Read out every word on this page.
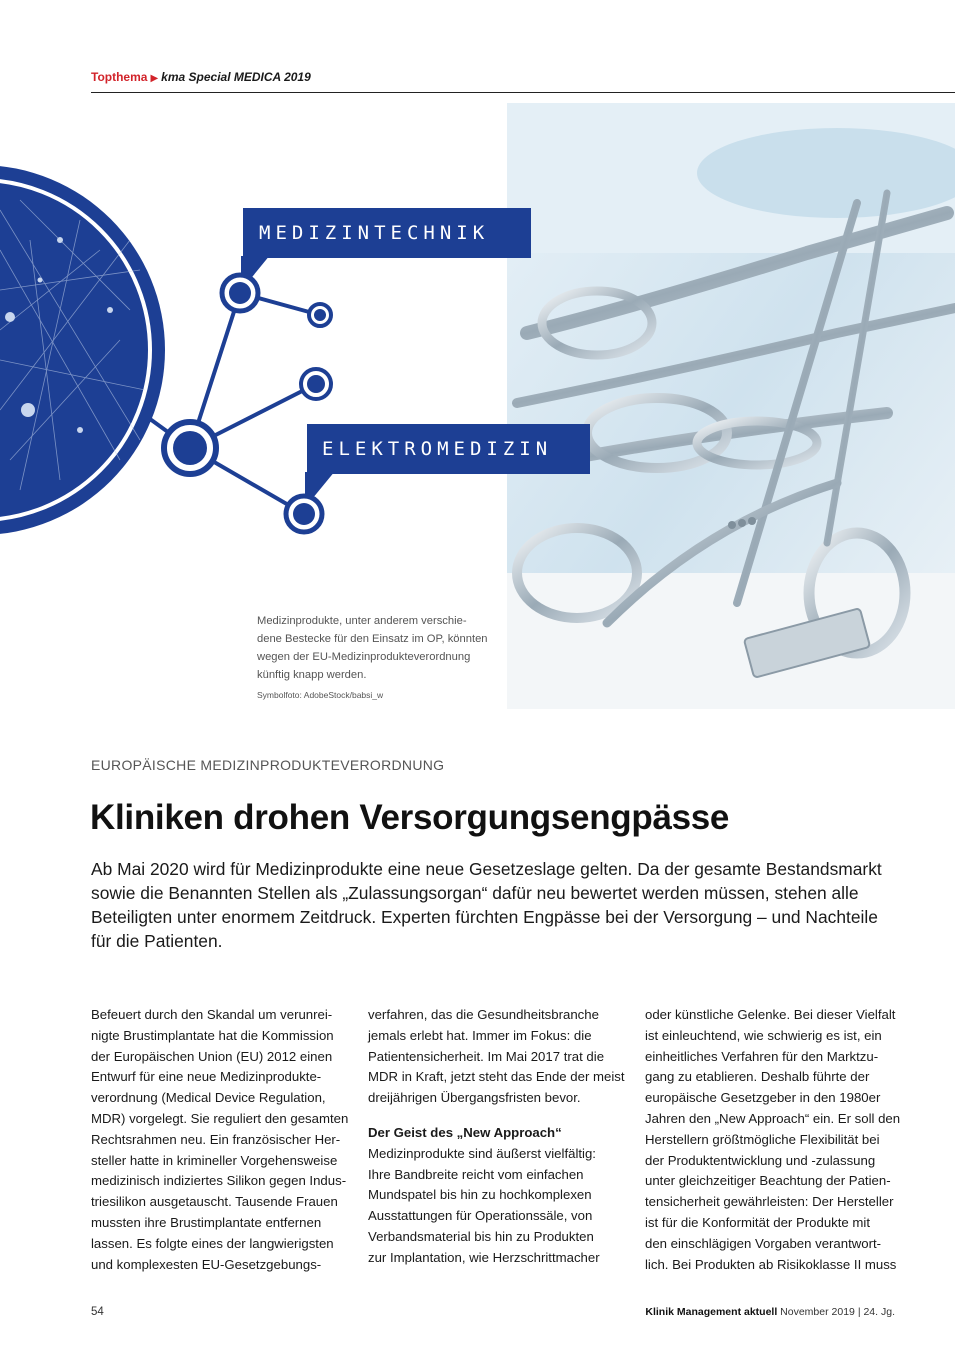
Topthema ▶ kma Special MEDICA 2019
MEDIZINTECHNIK
ELEKTROMEDIZIN
Medizinprodukte, unter anderem verschie-
dene Bestecke für den Einsatz im OP, könnten
wegen der EU-Medizinprodukteverordnung
künftig knapp werden.
Symbolfoto: AdobeStock/babsi_w
EUROPÄISCHE MEDIZINPRODUKTEVERORDNUNG
Kliniken drohen Versorgungsengpässe
Ab Mai 2020 wird für Medizinprodukte eine neue Gesetzeslage gelten. Da der gesamte Bestandsmarkt
sowie die Benannten Stellen als „Zulassungsorgan“ dafür neu bewertet werden müssen, stehen alle
Beteiligten unter enormem Zeitdruck. Experten fürchten Engpässe bei der Versorgung – und Nachteile
für die Patienten.
Befeuert durch den Skandal um verunrei-
nigte Brustimplantate hat die Kommission
der Europäischen Union (EU) 2012 einen
Entwurf für eine neue Medizinprodukte-
verordnung (Medical Device Regulation,
MDR) vorgelegt. Sie reguliert den gesamten
Rechtsrahmen neu. Ein französischer Her-
steller hatte in krimineller Vorgehensweise
medizinisch indiziertes Silikon gegen Indus-
triesilikon ausgetauscht. Tausende Frauen
mussten ihre Brustimplantate entfernen
lassen. Es folgte eines der langwierigsten
und komplexesten EU-Gesetzgebungs-
verfahren, das die Gesundheitsbranche
jemals erlebt hat. Immer im Fokus: die
Patientensicherheit. Im Mai 2017 trat die
MDR in Kraft, jetzt steht das Ende der meist
dreijährigen Übergangsfristen bevor.
Der Geist des „New Approach“
Medizinprodukte sind äußerst vielfältig:
Ihre Bandbreite reicht vom einfachen
Mundspatel bis hin zu hochkomplexen
Ausstattungen für Operationssäle, von
Verbandsmaterial bis hin zu Produkten
zur Implantation, wie Herzschrittmacher
oder künstliche Gelenke. Bei dieser Vielfalt
ist einleuchtend, wie schwierig es ist, ein
einheitliches Verfahren für den Marktzu-
gang zu etablieren. Deshalb führte der
europäische Gesetzgeber in den 1980er
Jahren den „New Approach“ ein. Er soll den
Herstellern größtmögliche Flexibilität bei
der Produktentwicklung und -zulassung
unter gleichzeitiger Beachtung der Patien-
tensicherheit gewährleisten: Der Hersteller
ist für die Konformität der Produkte mit
den einschlägigen Vorgaben verantwort-
lich. Bei Produkten ab Risikoklasse II muss
54	Klinik Management aktuell November 2019 | 24. Jg.
